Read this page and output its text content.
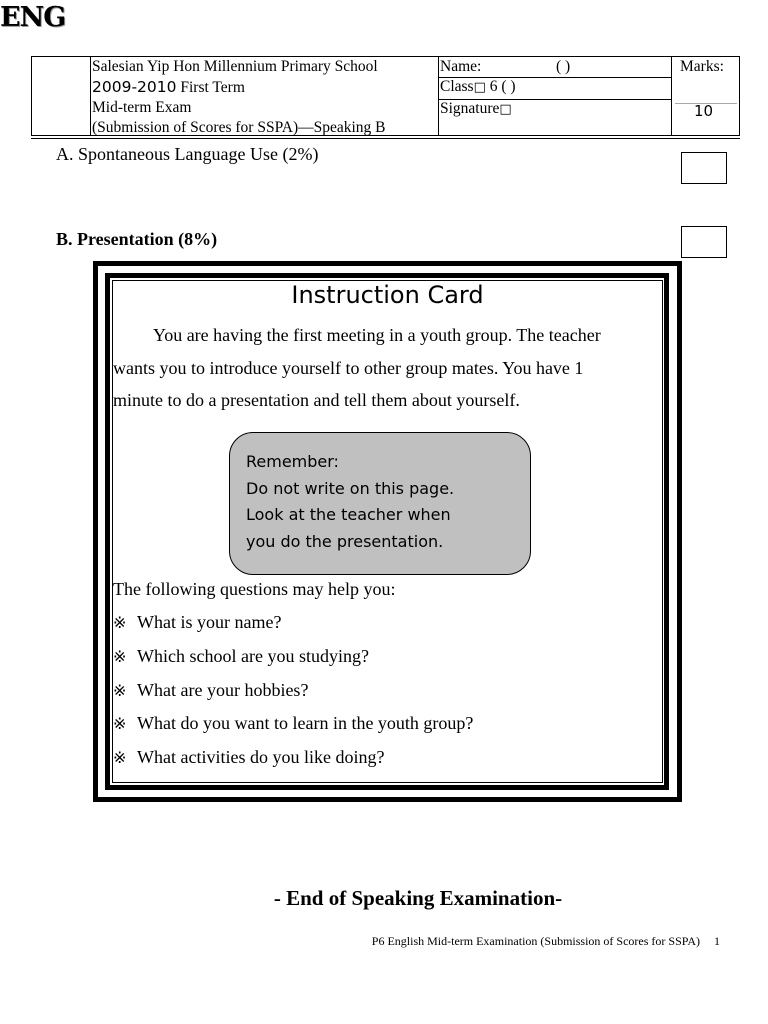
ENG
Salesian Yip Hon Millennium Primary School
2009-2010 First Term
Mid-term Exam
(Submission of Scores for SSPA)—Speaking B
Name:	( )
Class□ 6 ( )
Signature□
Marks:
10
A. Spontaneous Language Use (2%)
B. Presentation (8%)
Instruction Card
You are having the first meeting in a youth group. The teacher
wants you to introduce yourself to other group mates. You have 1
minute to do a presentation and tell them about yourself.
The following questions may help you:
※ What is your name?
※ Which school are you studying?
※ What are your hobbies?
※ What do you want to learn in the youth group?
※ What activities do you like doing?
Remember:
Do not write on this page.
Look at the teacher when
you do the presentation.
- End of Speaking Examination-
P6 English Mid-term Examination (Submission of Scores for SSPA) 1
